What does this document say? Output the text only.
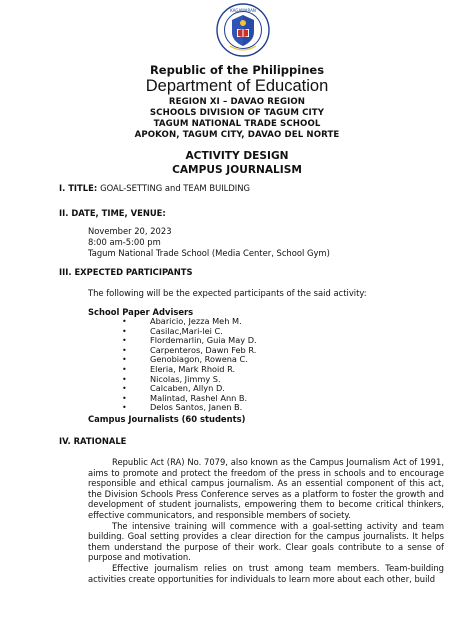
KAGAWARAN
Republic of the Philippines
Department of Education
REGION XI – DAVAO REGION
SCHOOLS DIVISION OF TAGUM CITY
TAGUM NATIONAL TRADE SCHOOL
APOKON, TAGUM CITY, DAVAO DEL NORTE
ACTIVITY DESIGN
CAMPUS JOURNALISM
I. TITLE: GOAL-SETTING and TEAM BUILDING
II. DATE, TIME, VENUE:
November 20, 2023
8:00 am-5:00 pm
Tagum National Trade School (Media Center, School Gym)
III. EXPECTED PARTICIPANTS
The following will be the expected participants of the said activity:
School Paper Advisers
• Abaricio, Jezza Meh M.
• Casilac,Mari-lei C.
• Flordemarlin, Guia May D.
• Carpenteros, Dawn Feb R.
• Genobiagon, Rowena C.
• Eleria, Mark Rhoid R.
• Nicolas, Jimmy S.
• Calcaben, Allyn D.
• Malintad, Rashel Ann B.
• Delos Santos, Janen B.
Campus Journalists (60 students)
IV. RATIONALE

Republic Act (RA) No. 7079, also known as the Campus Journalism Act of 1991, aims to promote and protect the freedom of the press in schools and to encourage responsible and ethical campus journalism. As an essential component of this act, the Division Schools Press Conference serves as a platform to foster the growth and development of student journalists, empowering them to become critical thinkers, effective communicators, and responsible members of society.

The intensive training will commence with a goal-setting activity and team building. Goal setting provides a clear direction for the campus journalists. It helps them understand the purpose of their work. Clear goals contribute to a sense of purpose and motivation.

Effective journalism relies on trust among team members. Team-building activities create opportunities for individuals to learn more about each other, build
